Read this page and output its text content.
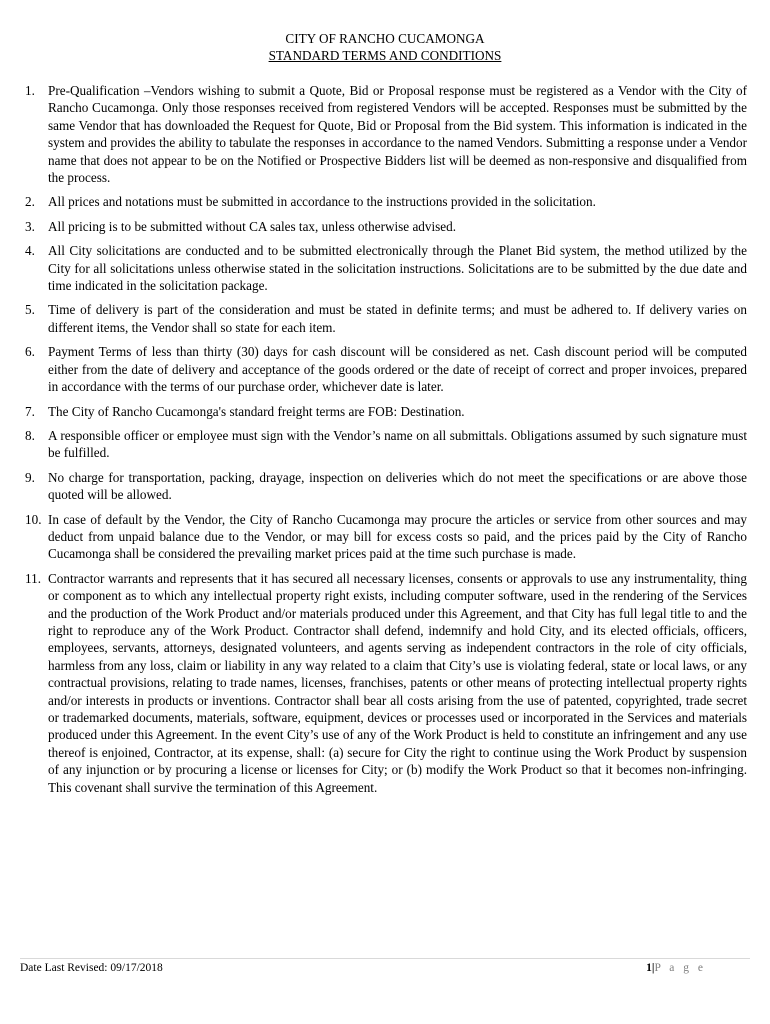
CITY OF RANCHO CUCAMONGA
STANDARD TERMS AND CONDITIONS
1. Pre-Qualification –Vendors wishing to submit a Quote, Bid or Proposal response must be registered as a Vendor with the City of Rancho Cucamonga. Only those responses received from registered Vendors will be accepted. Responses must be submitted by the same Vendor that has downloaded the Request for Quote, Bid or Proposal from the Bid system. This information is indicated in the system and provides the ability to tabulate the responses in accordance to the named Vendors. Submitting a response under a Vendor name that does not appear to be on the Notified or Prospective Bidders list will be deemed as non-responsive and disqualified from the process.
2. All prices and notations must be submitted in accordance to the instructions provided in the solicitation.
3. All pricing is to be submitted without CA sales tax, unless otherwise advised.
4. All City solicitations are conducted and to be submitted electronically through the Planet Bid system, the method utilized by the City for all solicitations unless otherwise stated in the solicitation instructions. Solicitations are to be submitted by the due date and time indicated in the solicitation package.
5. Time of delivery is part of the consideration and must be stated in definite terms; and must be adhered to. If delivery varies on different items, the Vendor shall so state for each item.
6. Payment Terms of less than thirty (30) days for cash discount will be considered as net. Cash discount period will be computed either from the date of delivery and acceptance of the goods ordered or the date of receipt of correct and proper invoices, prepared in accordance with the terms of our purchase order, whichever date is later.
7. The City of Rancho Cucamonga's standard freight terms are FOB: Destination.
8. A responsible officer or employee must sign with the Vendor’s name on all submittals. Obligations assumed by such signature must be fulfilled.
9. No charge for transportation, packing, drayage, inspection on deliveries which do not meet the specifications or are above those quoted will be allowed.
10. In case of default by the Vendor, the City of Rancho Cucamonga may procure the articles or service from other sources and may deduct from unpaid balance due to the Vendor, or may bill for excess costs so paid, and the prices paid by the City of Rancho Cucamonga shall be considered the prevailing market prices paid at the time such purchase is made.
11. Contractor warrants and represents that it has secured all necessary licenses, consents or approvals to use any instrumentality, thing or component as to which any intellectual property right exists, including computer software, used in the rendering of the Services and the production of the Work Product and/or materials produced under this Agreement, and that City has full legal title to and the right to reproduce any of the Work Product. Contractor shall defend, indemnify and hold City, and its elected officials, officers, employees, servants, attorneys, designated volunteers, and agents serving as independent contractors in the role of city officials, harmless from any loss, claim or liability in any way related to a claim that City’s use is violating federal, state or local laws, or any contractual provisions, relating to trade names, licenses, franchises, patents or other means of protecting intellectual property rights and/or interests in products or inventions. Contractor shall bear all costs arising from the use of patented, copyrighted, trade secret or trademarked documents, materials, software, equipment, devices or processes used or incorporated in the Services and materials produced under this Agreement. In the event City’s use of any of the Work Product is held to constitute an infringement and any use thereof is enjoined, Contractor, at its expense, shall: (a) secure for City the right to continue using the Work Product by suspension of any injunction or by procuring a license or licenses for City; or (b) modify the Work Product so that it becomes non-infringing. This covenant shall survive the termination of this Agreement.
Date Last Revised: 09/17/2018	1|P a g e
